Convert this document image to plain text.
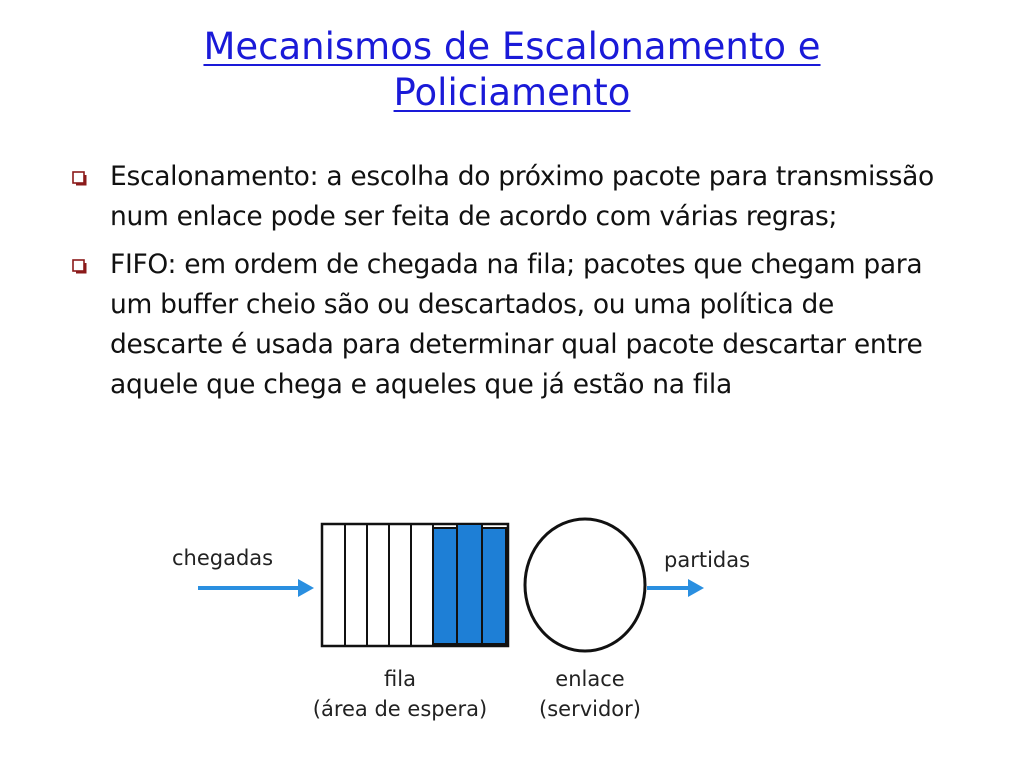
Mecanismos de Escalonamento e
Policiamento
Escalonamento: a escolha do próximo pacote para transmissão num enlace pode ser feita de acordo com várias regras;
FIFO: em ordem de chegada na fila; pacotes que chegam para um buffer cheio são ou descartados, ou uma política de descarte é usada para determinar qual pacote descartar entre aquele que chega e aqueles que já estão na fila
chegadas	partidas
fila
(área de espera)
enlace
(servidor)
